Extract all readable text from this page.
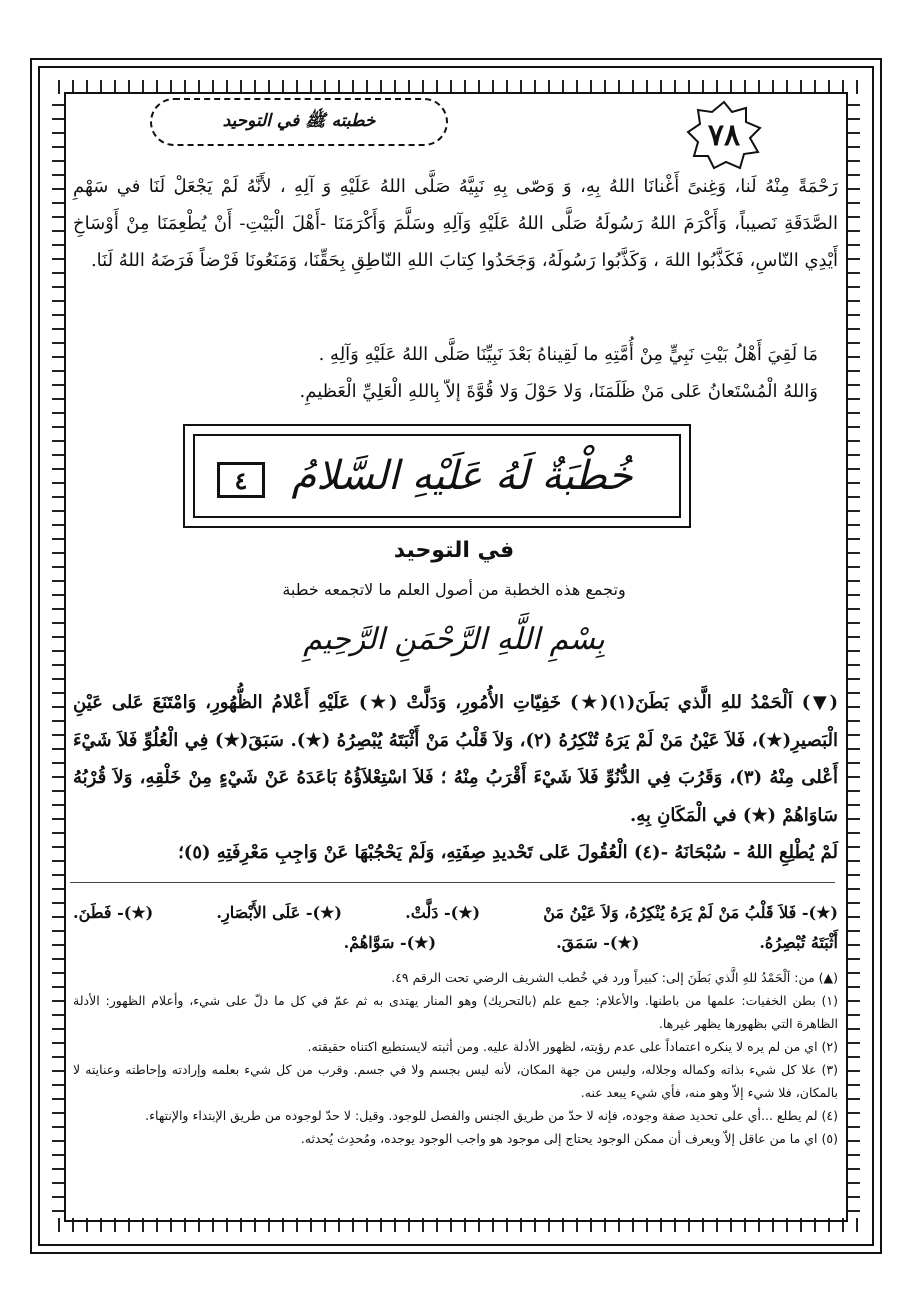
خطبته ﷺ في التوحيد	٧٨
رَحْمَةً مِنْهُ لَنا، وَغِنىً أَغْنانَا اللهُ بِهِ، وَ وَصّى بِهِ نَبِيَّهُ صَلَّى اللهُ عَلَيْهِ وَ آلِهِ ، لأَنَّهُ لَمْ يَجْعَلْ لَنَا في سَهْمِ الصَّدَقَةِ نَصيباً، وَأَكْرَمَ اللهُ رَسُولَهُ صَلَّى اللهُ عَلَيْهِ وَآلِهِ وسَلَّمَ وَأَكْرَمَنَا -أَهْلَ الْبَيْتِ- أَنْ يُطْعِمَنَا مِنْ أَوْسَاخِ أَيْدِي النّاسِ، فَكَذَّبُوا اللهَ ، وَكَذَّبُوا رَسُولَهُ، وَجَحَدُوا كِتابَ اللهِ النّاطِقِ بِحَقِّنَا، وَمَنَعُونَا فَرْضاً فَرَضَهُ اللهُ لَنَا.
مَا لَقِيَ أَهْلُ بَيْتِ نَبِيٍّ مِنْ أُمَّتِهِ ما لَقِيناهُ بَعْدَ نَبِيِّنَا صَلَّى اللهُ عَلَيْهِ وَآلِهِ .
وَاللهُ الْمُسْتَعانُ عَلى مَنْ ظَلَمَنَا، وَلا حَوْلَ وَلا قُوَّةَ إلاّ بِاللهِ الْعَلِيِّ الْعَظيمِ.
خُطْبَةٌ لَهُ عَلَيْهِ السَّلامُ
٤
في التوحيد
وتجمع هذه الخطبة من أصول العلم ما لاتجمعه خطبة
بِسْمِ اللَّهِ الرَّحْمَنِ الرَّحِيمِ
(▼) اَلْحَمْدُ للهِ الَّذي بَطَنَ(١)(★) خَفِيّاتِ الأُمُورِ، وَدَلَّتْ (★) عَلَيْهِ أَعْلامُ الظُّهُورِ، وَامْتَنَعَ عَلى عَيْنِ الْبَصيرِ(★)، فَلاَ عَيْنُ مَنْ لَمْ يَرَهُ تُنْكِرُهُ (٢)، وَلاَ قَلْبُ مَنْ أَثْبَتَهُ يُبْصِرُهُ (★). سَبَقَ(★) فِي الْعُلُوِّ فَلاَ شَيْءَ أَعْلى مِنْهُ (٣)، وَقَرُبَ فِي الدُّنُوِّ فَلاَ شَيْءَ أَقْرَبُ مِنْهُ ؛ فَلاَ اسْتِعْلاَؤُهُ بَاعَدَهُ عَنْ شَيْءٍ مِنْ خَلْقِهِ، وَلاَ قُرْبُهُ سَاوَاهُمْ (★) في الْمَكَانِ بِهِ.
لَمْ يُطْلِعِ اللهُ - سُبْحَانَهُ -(٤) الْعُقُولَ عَلى تَحْديدِ صِفَتِهِ، وَلَمْ يَحْجُبْهَا عَنْ وَاجِبِ مَعْرِفَتِهِ (٥)؛
(★)- فَلاَ قَلْبُ مَنْ لَمْ يَرَهُ يُنْكِرُهُ، وَلاَ عَيْنُ مَنْ
(★)- دَلَّتْ.
(★)- عَلَى الأَبْصَارِ.
(★)- فَطَنَ.
أَثْبَتَهُ تُبْصِرُهُ.
(★)- سَمَقَ.
(★)- سَوَّاهُمْ.
(▲) من: اَلْحَمْدُ للهِ الَّذي بَطَنَ إلى: كبيراً ورد في خُطب الشريف الرضي تحت الرقم ٤٩.
(١) بطن الخفيات: علمها من باطنها. والأعلام: جمع علم (بالتحريك) وهو المنار يهتدى به ثم عمّ في كل ما دلّ على شيء، وأعلام الظهور: الأدلة الظاهرة التي بظهورها يظهر غيرها.
(٢) اي من لم يره لا ينكره اعتماداً على عدم رؤيته، لظهور الأدلة عليه. ومن أثبته لايستطيع اكتناه حقيقته.
(٣) علا كل شيء بذاته وكماله وجلاله، وليس من جهة المكان، لأنه ليس بجسم ولا في جسم. وقرب من كل شيء بعلمه وإرادته وإحاطته وعنايته لا بالمكان، فلا شيء إلاّ وهو منه، فأي شيء يبعد عنه.
(٤) لم يطلع ...أي على تحديد صفة وجوده، فإنه لا حدّ من طريق الجنس والفصل للوجود. وقيل: لا حدّ لوجوده من طريق الإبتداء والإنتهاء.
(٥) اي ما من عاقل إلاّ ويعرف أن ممكن الوجود يحتاج إلى موجود هو واجب الوجود يوجده، ومُحدِث يُحدثه.
